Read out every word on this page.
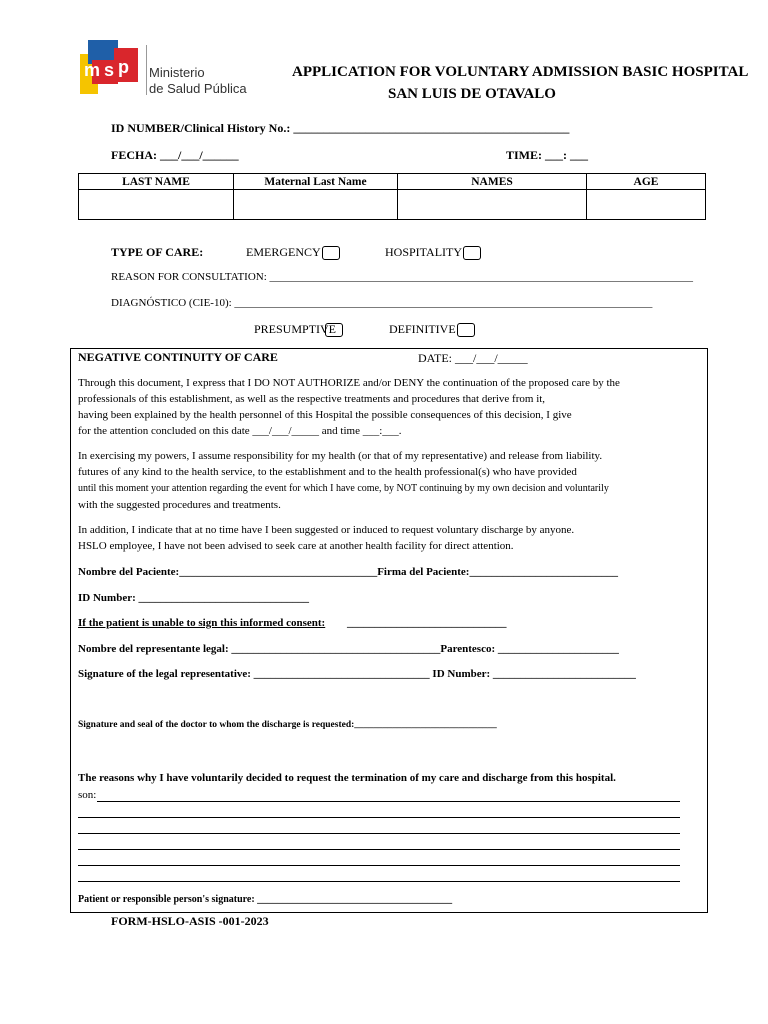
m s p Ministerio
de Salud Pública
APPLICATION FOR VOLUNTARY ADMISSION BASIC HOSPITAL
SAN LUIS DE OTAVALO
ID NUMBER/Clinical History No.: ______________________________________________
FECHA: ___/___/______	TIME: ___: ___
LAST NAME	Maternal Last Name	NAMES	AGE

TYPE OF CARE:	EMERGENCY	HOSPITALITY
REASON FOR CONSULTATION: _____________________________________________________________________________
DIAGNÓSTICO (CIE-10): ____________________________________________________________________________
PRESUMPTIVE	DEFINITIVE
NEGATIVE CONTINUITY OF CARE	DATE: ___/___/_____
Through this document, I express that I DO NOT AUTHORIZE and/or DENY the continuation of the proposed care by the
professionals of this establishment, as well as the respective treatments and procedures that derive from it,
having been explained by the health personnel of this Hospital the possible consequences of this decision, I give
for the attention concluded on this date ___/___/_____ and time ___:___.
In exercising my powers, I assume responsibility for my health (or that of my representative) and release from liability.
futures of any kind to the health service, to the establishment and to the health professional(s) who have provided
until this moment your attention regarding the event for which I have come, by NOT continuing by my own decision and voluntarily
with the suggested procedures and treatments.
In addition, I indicate that at no time have I been suggested or induced to request voluntary discharge by anyone.
HSLO employee, I have not been advised to seek care at another health facility for direct attention.
Nombre del Paciente:____________________________________Firma del Paciente:___________________________
ID Number: _______________________________
If the patient is unable to sign this informed consent: _____________________________
Nombre del representante legal: ______________________________________Parentesco: ______________________
Signature of the legal representative: ________________________________ ID Number: __________________________
Signature and seal of the doctor to whom the discharge is requested:______________________________
The reasons why I have voluntarily decided to request the termination of my care and discharge from this hospital.
son:
Patient or responsible person's signature: _______________________________________
FORM-HSLO-ASIS -001-2023
